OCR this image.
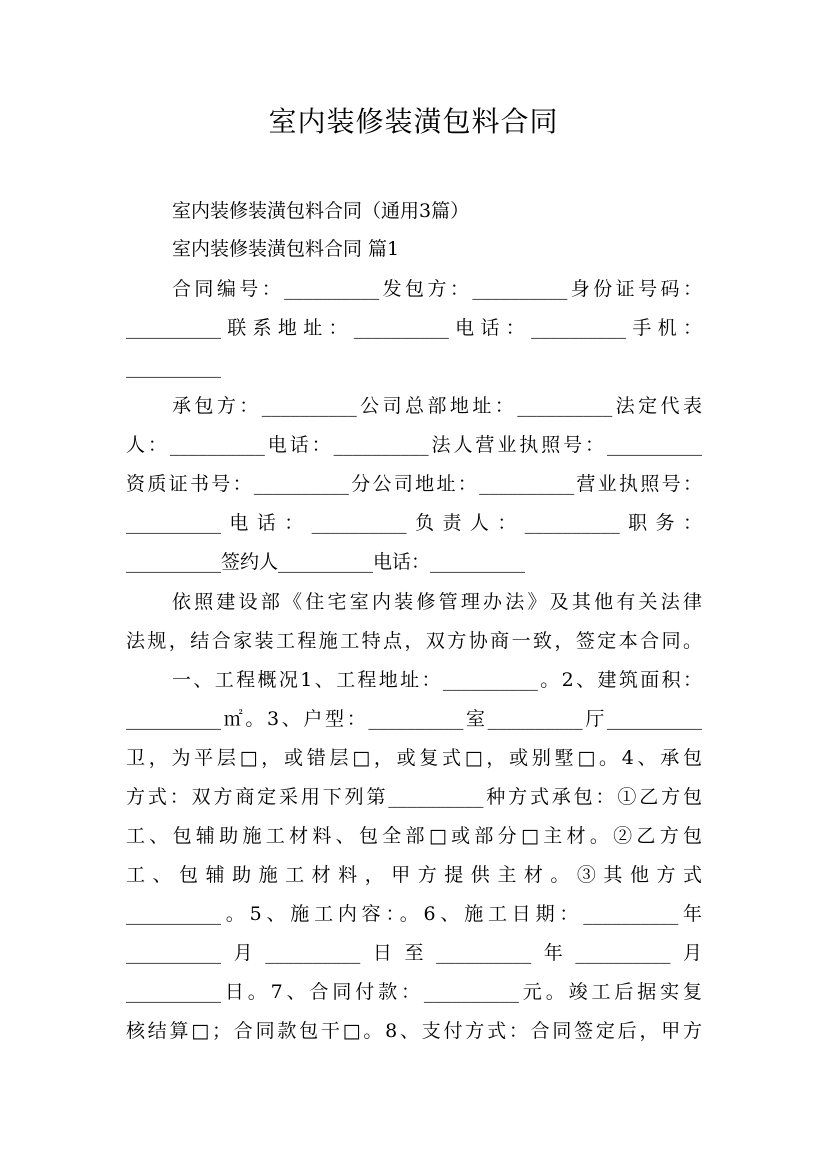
室内装修装潢包料合同
室内装修装潢包料合同（通用3篇）
室内装修装潢包料合同 篇1
合同编号：__________发包方：__________身份证号码：
__________联系地址：__________电话：__________手机：
__________
承包方：__________公司总部地址：__________法定代表
人：__________电话：__________法人营业执照号：__________
资质证书号：__________分公司地址：__________营业执照号：
__________电话：__________负责人：__________职务：
__________签约人__________电话：__________
依照建设部《住宅室内装修管理办法》及其他有关法律
法规，结合家装工程施工特点，双方协商一致，签定本合同。
一、工程概况1、工程地址：__________。2、建筑面积：
__________㎡。3、户型：__________室__________厅__________
卫，为平层□，或错层□，或复式□，或别墅□。4、承包
方式：双方商定采用下列第__________种方式承包：①乙方包
工、包辅助施工材料、包全部□或部分□主材。②乙方包
工、包辅助施工材料，甲方提供主材。③其他方式
__________。5、施工内容：。6、施工日期：__________年
__________月__________日至__________年__________月
__________日。7、合同付款：__________元。竣工后据实复
核结算□；合同款包干□。8、支付方式：合同签定后，甲方
